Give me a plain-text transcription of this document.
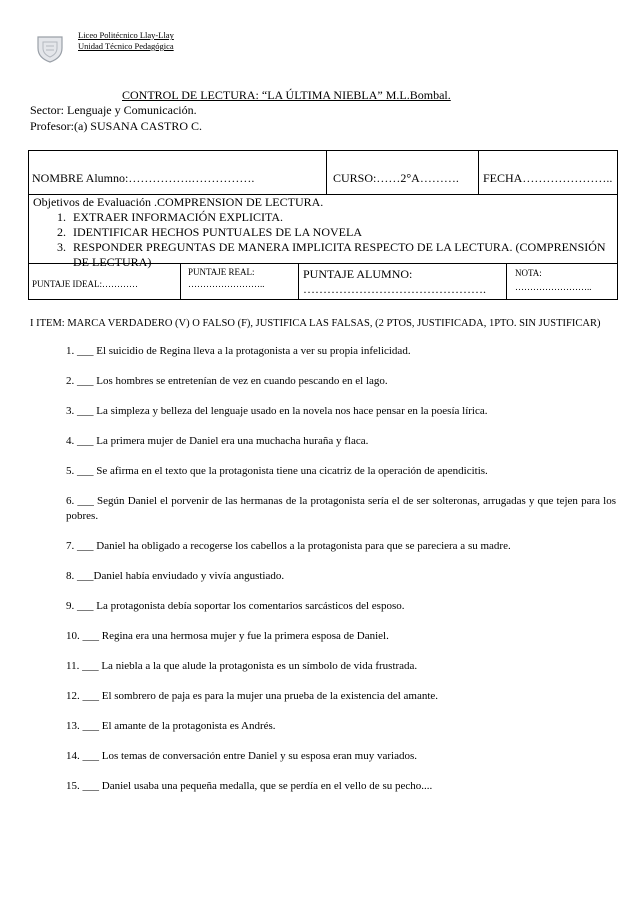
Liceo Politécnico Llay-Llay
Unidad Técnico Pedagógica
CONTROL DE LECTURA: “LA ÚLTIMA NIEBLA” M.L.Bombal.
Sector: Lenguaje y Comunicación.
Profesor:(a) SUSANA CASTRO C.
NOMBRE Alumno:…………….…………….	CURSO:……2°A……….	FECHA…………………..
Objetivos de Evaluación .COMPRENSION DE LECTURA.
1. EXTRAER INFORMACIÓN EXPLICITA.
2. IDENTIFICAR HECHOS PUNTUALES DE LA NOVELA
3. RESPONDER PREGUNTAS DE MANERA IMPLICITA RESPECTO DE LA LECTURA. (COMPRENSIÓN DE LECTURA)
PUNTAJE IDEAL:…………
PUNTAJE REAL:
……………………..
PUNTAJE ALUMNO:
……………………………………….
NOTA:
……………………..
I ITEM: MARCA VERDADERO (V) O FALSO (F), JUSTIFICA LAS FALSAS, (2 PTOS, JUSTIFICADA, 1PTO. SIN JUSTIFICAR)
1. ___ El suicidio de Regina lleva a la protagonista a ver su propia infelicidad.
2. ___ Los hombres se entretenían de vez en cuando pescando en el lago.
3. ___ La simpleza y belleza del lenguaje usado en la novela nos hace pensar en la poesía lírica.
4. ___ La primera mujer de Daniel era una muchacha huraña y flaca.
5. ___ Se afirma en el texto que la protagonista tiene una cicatriz de la operación de apendicitis.
6. ___ Según Daniel el porvenir de las hermanas de la protagonista sería el de ser solteronas, arrugadas y que tejen para los pobres.
7. ___ Daniel ha obligado a recogerse los cabellos a la protagonista para que se pareciera a su madre.
8. ___Daniel había enviudado y vivía angustiado.
9. ___ La protagonista debía soportar los comentarios sarcásticos del esposo.
10. ___ Regina era una hermosa mujer y fue la primera esposa de Daniel.
11. ___ La niebla a la que alude la protagonista es un símbolo de vida frustrada.
12. ___ El sombrero de paja es para la mujer una prueba de la existencia del amante.
13. ___ El amante de la protagonista es Andrés.
14. ___ Los temas de conversación entre Daniel y su esposa eran muy variados.
15. ___ Daniel usaba una pequeña medalla, que se perdía en el vello de su pecho....
